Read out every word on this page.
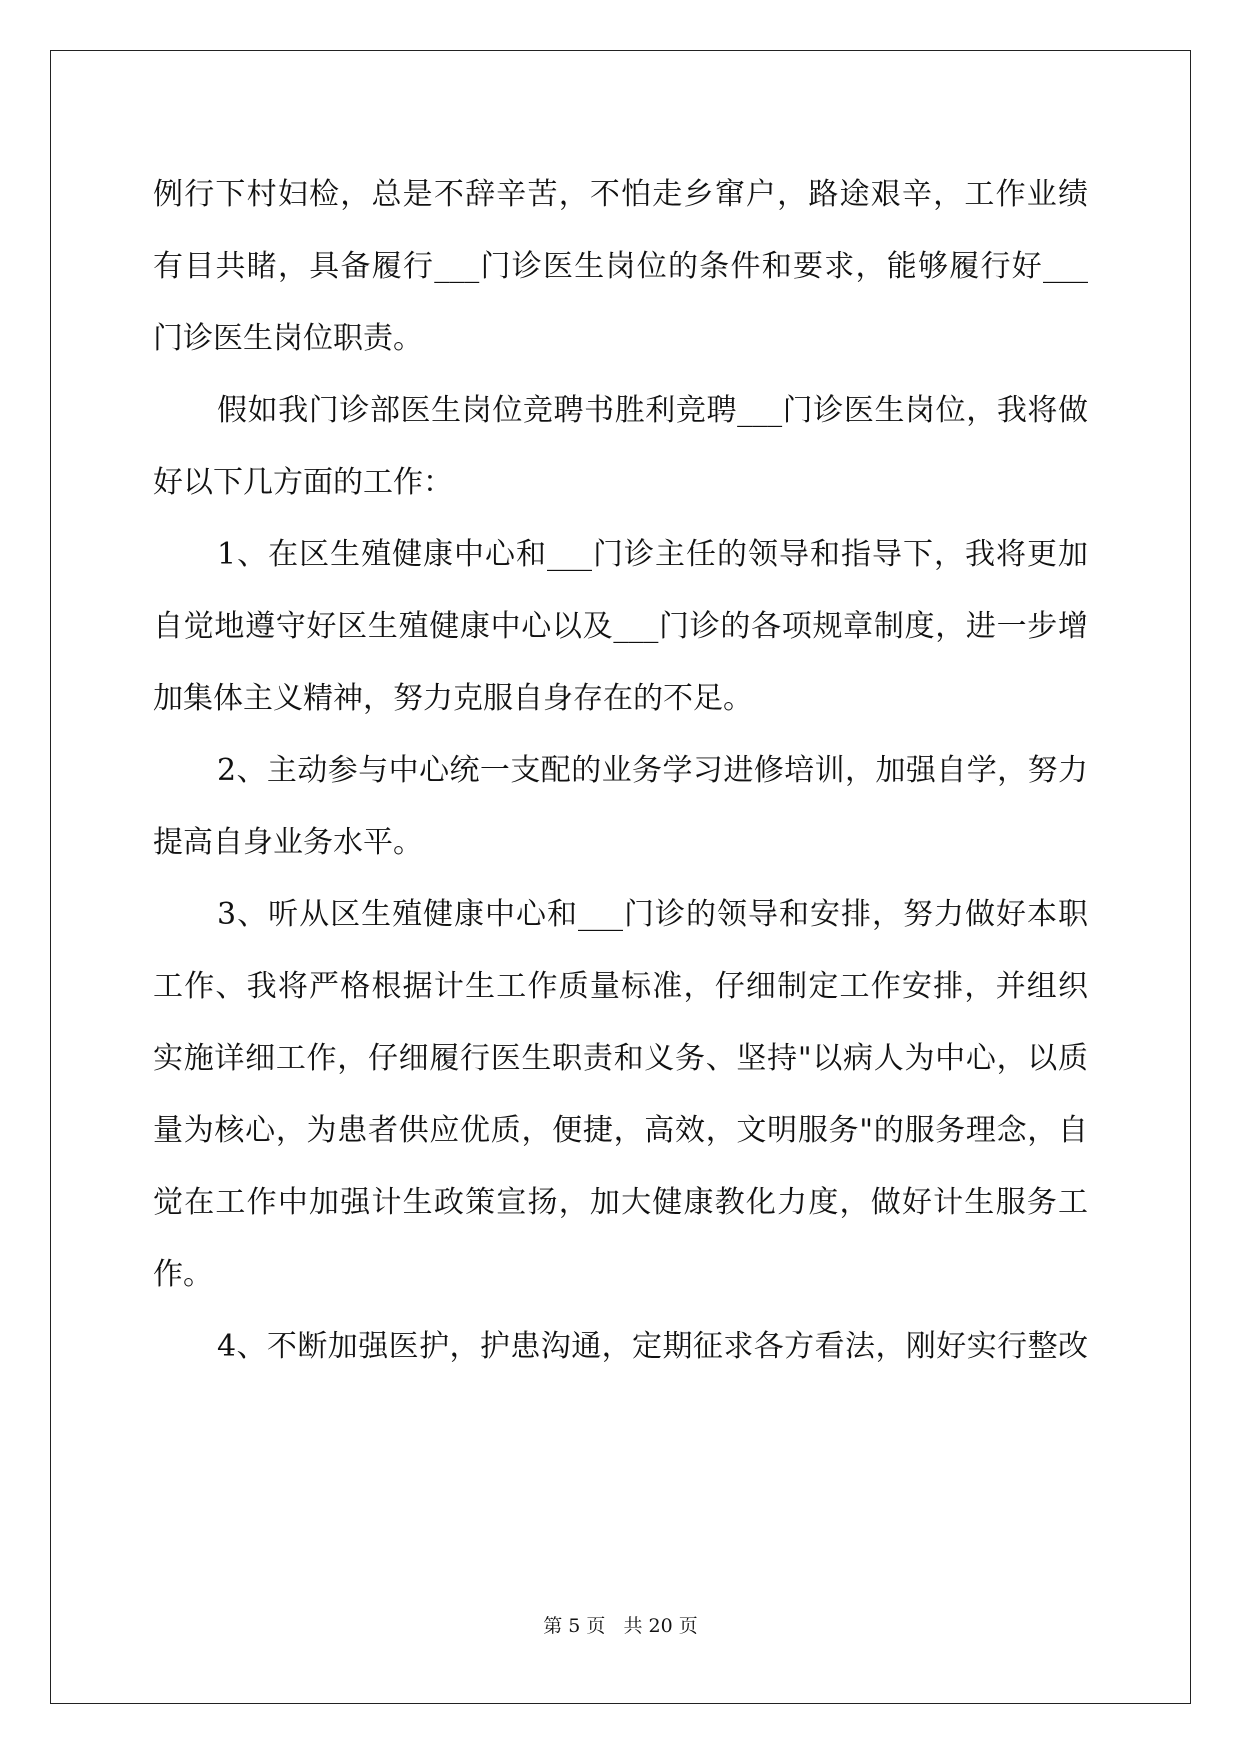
例行下村妇检，总是不辞辛苦，不怕走乡窜户，路途艰辛，工作业绩
有目共睹，具备履行___门诊医生岗位的条件和要求，能够履行好___
门诊医生岗位职责。
假如我门诊部医生岗位竞聘书胜利竞聘___门诊医生岗位，我将做
好以下几方面的工作：
1、在区生殖健康中心和___门诊主任的领导和指导下，我将更加
自觉地遵守好区生殖健康中心以及___门诊的各项规章制度，进一步增
加集体主义精神，努力克服自身存在的不足。
2、主动参与中心统一支配的业务学习进修培训，加强自学，努力
提高自身业务水平。
3、听从区生殖健康中心和___门诊的领导和安排，努力做好本职
工作、我将严格根据计生工作质量标准，仔细制定工作安排，并组织
实施详细工作，仔细履行医生职责和义务、坚持"以病人为中心，以质
量为核心，为患者供应优质，便捷，高效，文明服务"的服务理念，自
觉在工作中加强计生政策宣扬，加大健康教化力度，做好计生服务工
作。
4、不断加强医护，护患沟通，定期征求各方看法，刚好实行整改
第 5 页 共 20 页
